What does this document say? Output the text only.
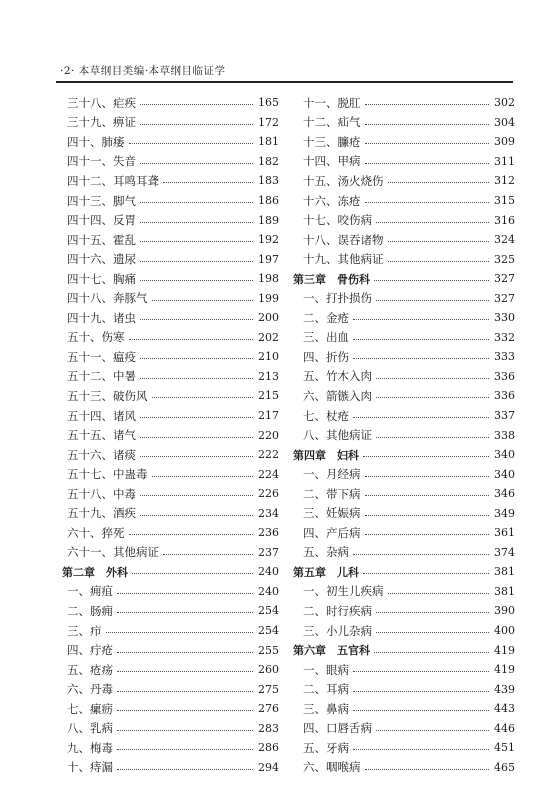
·2· 本草纲目类编·本草纲目临证学
三十八、疟疾	165
三十九、痹证	172
四十、肺痿	181
四十一、失音	182
四十二、耳鸣耳聋	183
四十三、脚气	186
四十四、反胃	189
四十五、霍乱	192
四十六、遗尿	197
四十七、胸痛	198
四十八、奔豚气	199
四十九、诸虫	200
五十、伤寒	202
五十一、瘟疫	210
五十二、中暑	213
五十三、破伤风	215
五十四、诸风	217
五十五、诸气	220
五十六、诸痰	222
五十七、中蛊毒	224
五十八、中毒	226
五十九、酒疾	234
六十、猝死	236
六十一、其他病证	237
第二章　外科	240
一、痈疽	240
二、肠痈	254
三、疖	254
四、疔疮	255
五、疮疡	260
六、丹毒	275
七、瘰疬	276
八、乳病	283
九、梅毒	286
十、痔漏	294
十一、脱肛	302
十二、疝气	304
十三、臁疮	309
十四、甲病	311
十五、汤火烧伤	312
十六、冻疮	315
十七、咬伤病	316
十八、误吞诸物	324
十九、其他病证	325
第三章　骨伤科	327
一、打扑损伤	327
二、金疮	330
三、出血	332
四、折伤	333
五、竹木入肉	336
六、箭镞入肉	336
七、杖疮	337
八、其他病证	338
第四章　妇科	340
一、月经病	340
二、带下病	346
三、妊娠病	349
四、产后病	361
五、杂病	374
第五章　儿科	381
一、初生儿疾病	381
二、时行疾病	390
三、小儿杂病	400
第六章　五官科	419
一、眼病	419
二、耳病	439
三、鼻病	443
四、口唇舌病	446
五、牙病	451
六、咽喉病	465
